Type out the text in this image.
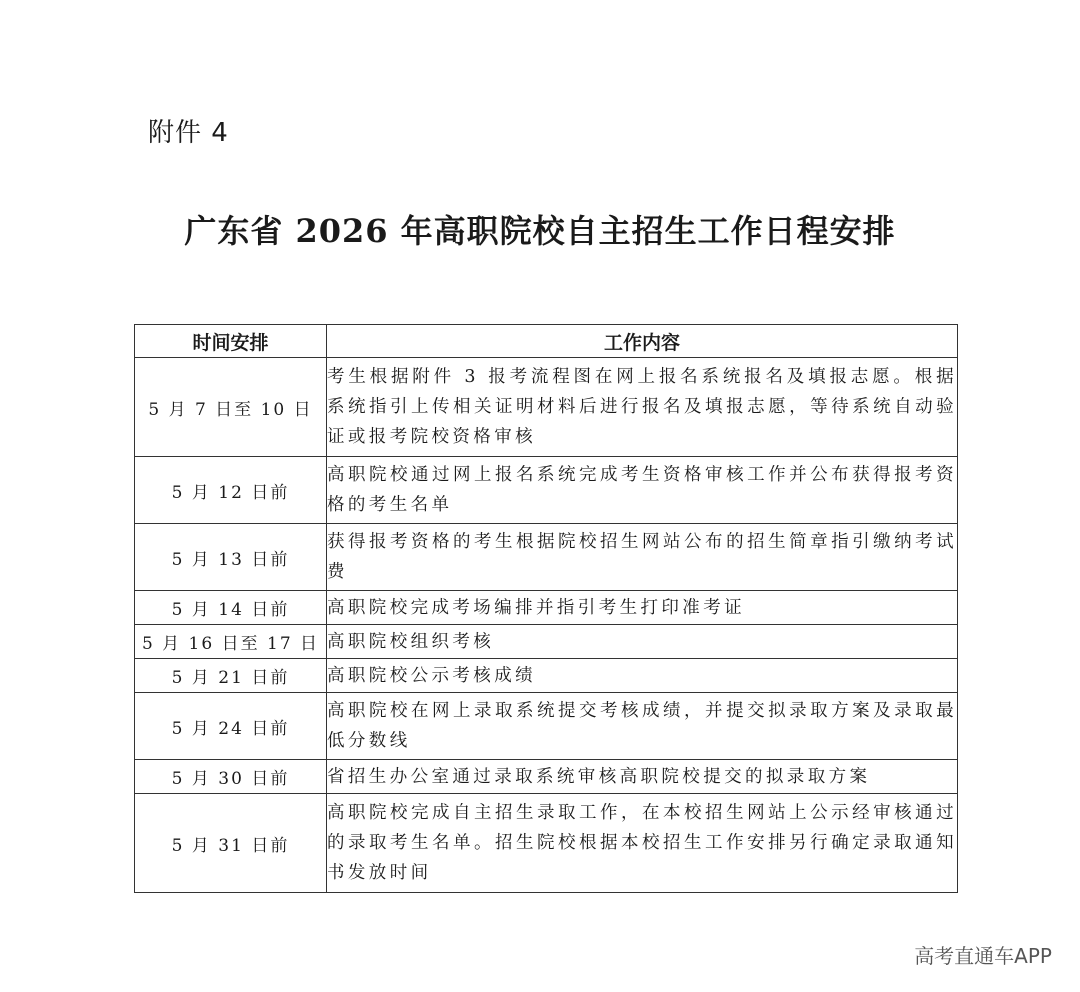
附件 4
广东省 2026 年高职院校自主招生工作日程安排
时间安排	工作内容
5 月 7 日至 10 日	考生根据附件 3 报考流程图在网上报名系统报名及填报志愿。根据系统指引上传相关证明材料后进行报名及填报志愿，等待系统自动验证或报考院校资格审核
5 月 12 日前	高职院校通过网上报名系统完成考生资格审核工作并公布获得报考资格的考生名单
5 月 13 日前	获得报考资格的考生根据院校招生网站公布的招生简章指引缴纳考试费
5 月 14 日前	高职院校完成考场编排并指引考生打印准考证
5 月 16 日至 17 日	高职院校组织考核
5 月 21 日前	高职院校公示考核成绩
5 月 24 日前	高职院校在网上录取系统提交考核成绩，并提交拟录取方案及录取最低分数线
5 月 30 日前	省招生办公室通过录取系统审核高职院校提交的拟录取方案
5 月 31 日前	高职院校完成自主招生录取工作，在本校招生网站上公示经审核通过的录取考生名单。招生院校根据本校招生工作安排另行确定录取通知书发放时间
高考直通车APP
